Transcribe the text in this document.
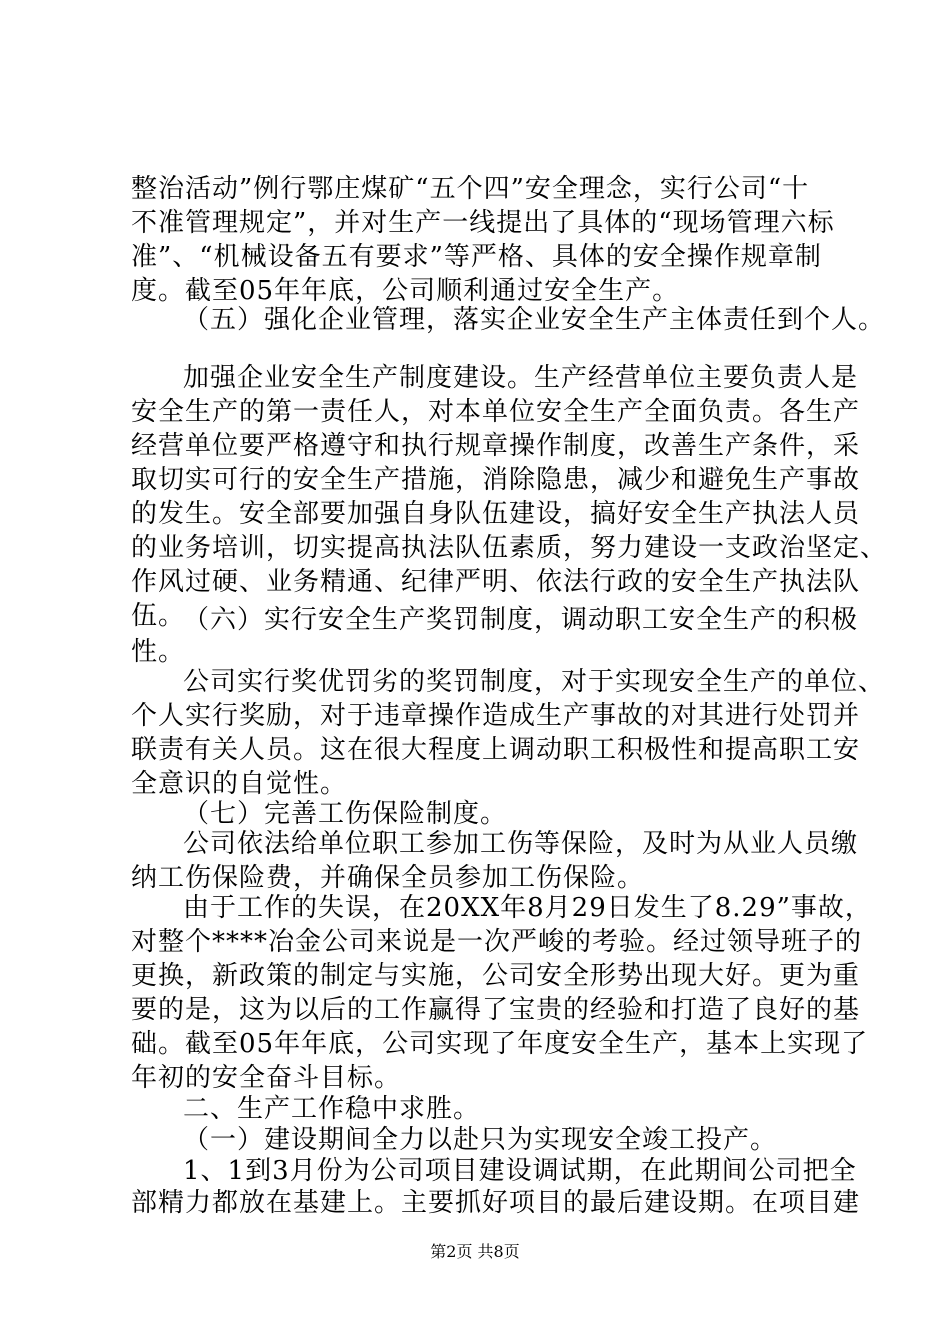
整治活动”例行鄂庄煤矿“五个四”安全理念，实行公司“十
不准管理规定”，并对生产一线提出了具体的“现场管理六标
准”、“机械设备五有要求”等严格、具体的安全操作规章制
度。截至05年年底，公司顺利通过安全生产。
（五）强化企业管理，落实企业安全生产主体责任到个人。
加强企业安全生产制度建设。生产经营单位主要负责人是
安全生产的第一责任人，对本单位安全生产全面负责。各生产
经营单位要严格遵守和执行规章操作制度，改善生产条件，采
取切实可行的安全生产措施，消除隐患，减少和避免生产事故
的发生。安全部要加强自身队伍建设，搞好安全生产执法人员
的业务培训，切实提高执法队伍素质，努力建设一支政治坚定、
作风过硬、业务精通、纪律严明、依法行政的安全生产执法队
伍。
（六）实行安全生产奖罚制度，调动职工安全生产的积极
性。
公司实行奖优罚劣的奖罚制度，对于实现安全生产的单位、
个人实行奖励，对于违章操作造成生产事故的对其进行处罚并
联责有关人员。这在很大程度上调动职工积极性和提高职工安
全意识的自觉性。
（七）完善工伤保险制度。
公司依法给单位职工参加工伤等保险，及时为从业人员缴
纳工伤保险费，并确保全员参加工伤保险。
由于工作的失误，在20XX年8月29日发生了8.29”事故，
对整个****冶金公司来说是一次严峻的考验。经过领导班子的
更换，新政策的制定与实施，公司安全形势出现大好。更为重
要的是，这为以后的工作赢得了宝贵的经验和打造了良好的基
础。截至05年年底，公司实现了年度安全生产，基本上实现了
年初的安全奋斗目标。
二、生产工作稳中求胜。
（一）建设期间全力以赴只为实现安全竣工投产。
1、1到3月份为公司项目建设调试期，在此期间公司把全
部精力都放在基建上。主要抓好项目的最后建设期。在项目建
第2页 共8页
